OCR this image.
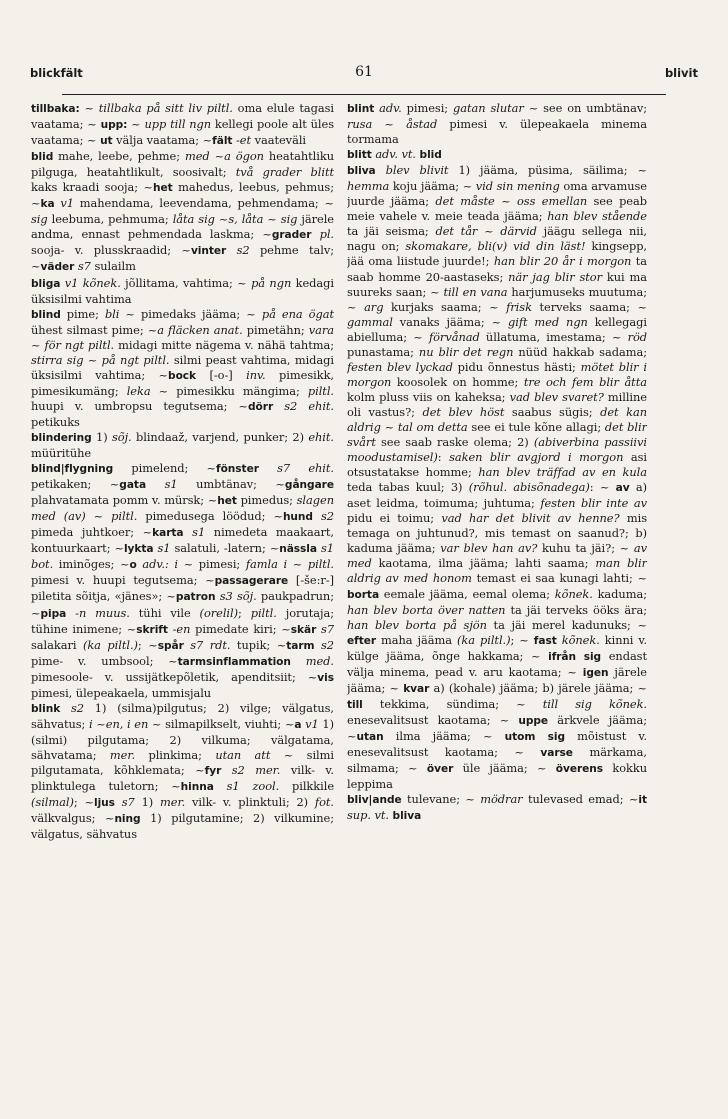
blickfält	61	blivit

tillbaka: ~ tillbaka på sitt liv piltl. oma elule tagasi vaatama; ~ upp: ~ upp till ngn kellegi poole alt üles vaatama; ~ ut välja vaatama; ~fält -et vaateväli

blid mahe, leebe, pehme; med ~a ögon heatahtliku pilguga, heatahtlikult, soosivalt; två grader blitt kaks kraadi sooja; ~het mahedus, leebus, pehmus; ~ka v1 mahendama, leevendama, pehmendama; ~ sig leebuma, pehmuma; låta sig ~s, låta ~ sig järele andma, ennast pehmendada laskma; ~grader pl. sooja- v. plusskraadid; ~vinter s2 pehme talv; ~väder s7 sulailm

bliga v1 kõnek. jõllitama, vahtima; ~ på ngn kedagi üksisilmi vahtima

blind pime; bli ~ pimedaks jääma; ~ på ena ögat ühest silmast pime; ~a fläcken anat. pimetähn; vara ~ för ngt piltl. midagi mitte nägema v. nähä tahtma; stirra sig ~ på ngt piltl. silmi peast vahtima, midagi üksisilmi vahtima; ~bock [-o-] inv. pimesikk, pimesikumäng; leka ~ pimesikku mängima; piltl. huupi v. umbropsu tegutsema; ~dörr s2 ehit. petikuks

blindering 1) sõj. blindaaž, varjend, punker; 2) ehit. müüritühe

blind|flygning pimelend; ~fönster s7 ehit. petikaken; ~gata s1 umbtänav; ~gångare plahvatamata pomm v. mürsk; ~het pimedus; slagen med (av) ~ piltl. pimedusega löödud; ~hund s2 pimeda juhtkoer; ~karta s1 nimedeta maakaart, kontuurkaart; ~lykta s1 salatuli, -latern; ~nässla s1 bot. iminõges; ~o adv.: i ~ pimesi; famla i ~ piltl. pimesi v. huupi tegutsema; ~passagerare [-še:r-] piletita sõitja, «jänes»; ~patron s3 sõj. paukpadrun; ~pipa -n muus. tühi vile (orelil); piltl. jorutaja; tühine inimene; ~skrift -en pimedate kiri; ~skär s7 salakari (ka piltl.); ~spår s7 rdt. tupik; ~tarm s2 pime- v. umbsool; ~tarmsinflammation med. pimesoole- v. ussijätkepõletik, apenditsiit; ~vis pimesi, ülepeakaela, ummisjalu

blink s2 1) (silma)pilgutus; 2) vilge; välgatus, sähvatus; i ~en, i en ~ silmapilkselt, viuhti; ~a v1 1) (silmi) pilgutama; 2) vilkuma; välgatama, sähvatama; mer. plinkima; utan att ~ silmi pilgutamata, kõhklemata; ~fyr s2 mer. vilk- v. plinktulega tuletorn; ~hinna s1 zool. pilkkile (silmal); ~ljus s7 1) mer. vilk- v. plinktuli; 2) fot. välkvalgus; ~ning 1) pilgutamine; 2) vilkumine; välgatus, sähvatus

blint adv. pimesi; gatan slutar ~ see on umbtänav; rusa ~ åstad pimesi v. ülepeakaela minema tormama

blitt adv. vt. blid

bliva blev blivit 1) jääma, püsima, säilima; ~ hemma koju jääma; ~ vid sin mening oma arvamuse juurde jääma; det måste ~ oss emellan see peab meie vahele v. meie teada jääma; han blev stående ta jäi seisma; det tår ~ därvid jäägu sellega nii, nagu on; skomakare, bli(v) vid din läst! kingsepp, jää oma liistude juurde!; han blir 20 år i morgon ta saab homme 20-aastaseks; när jag blir stor kui ma suureks saan; ~ till en vana harjumuseks muutuma; ~ arg kurjaks saama; ~ frisk terveks saama; ~ gammal vanaks jääma; ~ gift med ngn kellegagi abielluma; ~ förvånad üllatuma, imestama; ~ röd punastama; nu blir det regn nüüd hakkab sadama; festen blev lyckad pidu õnnestus hästi; mötet blir i morgon koosolek on homme; tre och fem blir åtta kolm pluss viis on kaheksa; vad blev svaret? milline oli vastus?; det blev höst saabus sügis; det kan aldrig ~ tal om detta see ei tule kõne allagi; det blir svårt see saab raske olema; 2) (abiverbina passiivi moodustamisel): saken blir avgjord i morgon asi otsustatakse homme; han blev träffad av en kula teda tabas kuul; 3) (rõhul. abisõnadega): ~ av a) aset leidma, toimuma; juhtuma; festen blir inte av pidu ei toimu; vad har det blivit av henne? mis temaga on juhtunud?, mis temast on saanud?; b) kaduma jääma; var blev han av? kuhu ta jäi?; ~ av med kaotama, ilma jääma; lahti saama; man blir aldrig av med honom temast ei saa kunagi lahti; ~ borta eemale jääma, eemal olema; kõnek. kaduma; han blev borta över natten ta jäi terveks ööks ära; han blev borta på sjön ta jäi merel kadunuks; ~ efter maha jääma (ka piltl.); ~ fast kõnek. kinni v. külge jääma, õnge hakkama; ~ ifrån sig endast välja minema, pead v. aru kaotama; ~ igen järele jääma; ~ kvar a) (kohale) jääma; b) järele jääma; ~ till tekkima, sündima; ~ till sig kõnek. enesevalitsust kaotama; ~ uppe ärkvele jääma; ~utan ilma jääma; ~ utom sig mõistust v. enesevalitsust kaotama; ~ varse märkama, silmama; ~ över üle jääma; ~ överens kokku leppima

bliv|ande tulevane; ~ mödrar tulevased emad; ~it sup. vt. bliva
